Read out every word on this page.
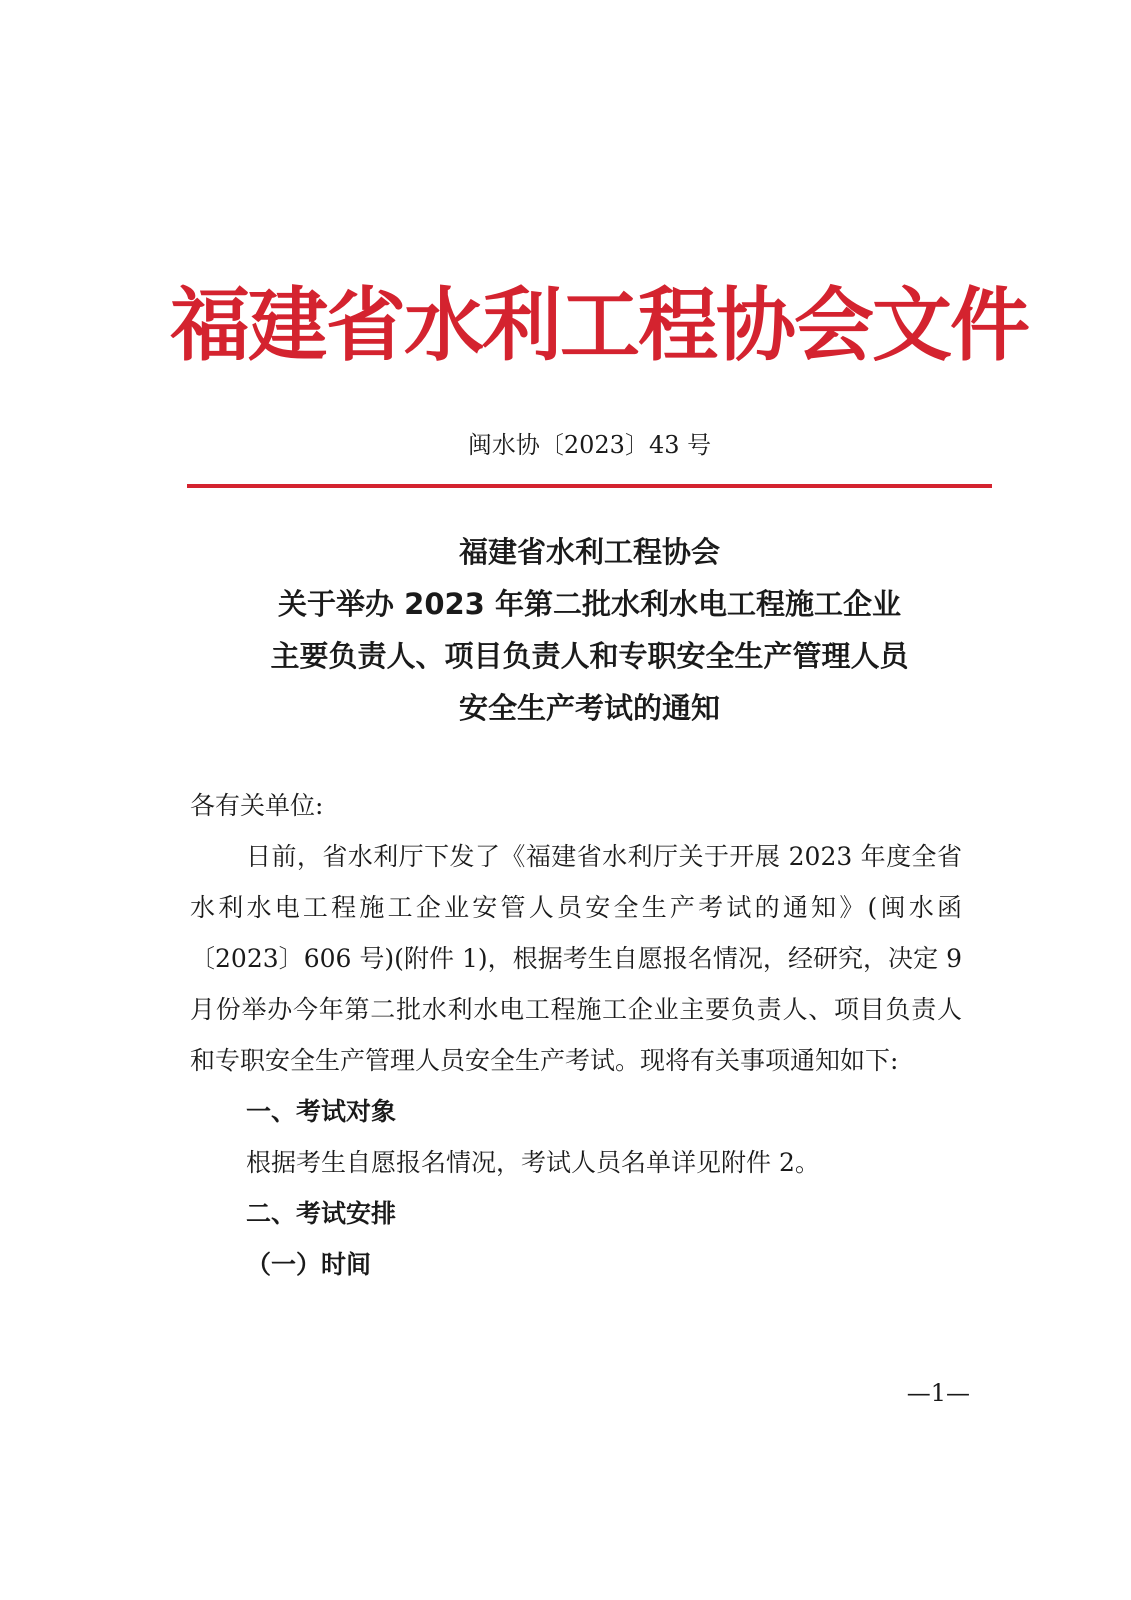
福建省水利工程协会文件
闽水协〔2023〕43 号
福建省水利工程协会
关于举办 2023 年第二批水利水电工程施工企业
主要负责人、项目负责人和专职安全生产管理人员
安全生产考试的通知

各有关单位:

日前，省水利厅下发了《福建省水利厅关于开展 2023 年度全省水利水电工程施工企业安管人员安全生产考试的通知》(闽水函〔2023〕606 号)(附件 1)，根据考生自愿报名情况，经研究，决定 9 月份举办今年第二批水利水电工程施工企业主要负责人、项目负责人和专职安全生产管理人员安全生产考试。现将有关事项通知如下:

一、考试对象

根据考生自愿报名情况，考试人员名单详见附件 2。

二、考试安排

（一）时间

—1—
